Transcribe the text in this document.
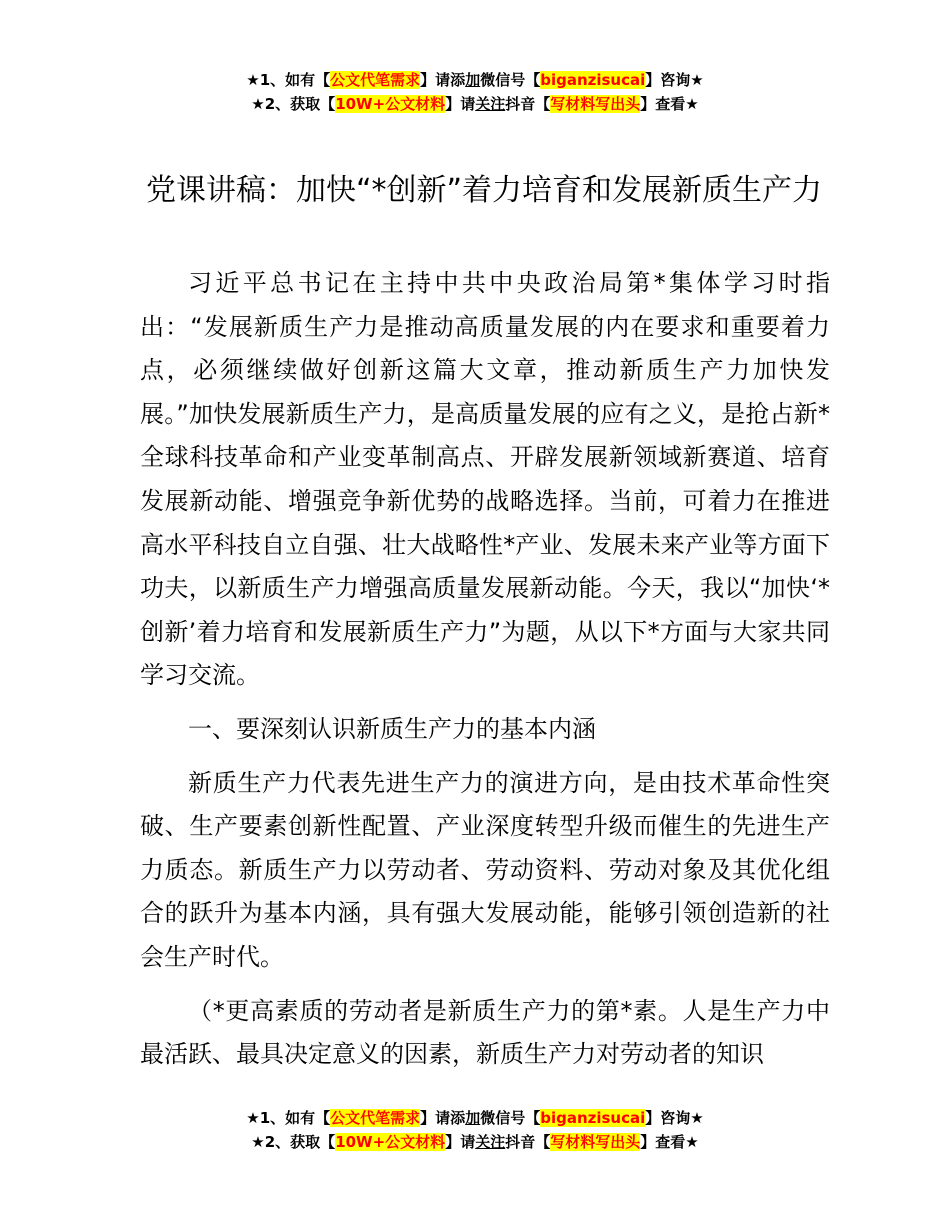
★1、如有【公文代笔需求】请添加微信号【biganzisucai】咨询★
★2、获取【10W+公文材料】请关注抖音【写材料写出头】查看★
党课讲稿：加快“*创新”着力培育和发展新质生产力

习近平总书记在主持中共中央政治局第*集体学习时指出：“发展新质生产力是推动高质量发展的内在要求和重要着力点，必须继续做好创新这篇大文章，推动新质生产力加快发展。”加快发展新质生产力，是高质量发展的应有之义，是抢占新*全球科技革命和产业变革制高点、开辟发展新领域新赛道、培育发展新动能、增强竞争新优势的战略选择。当前，可着力在推进高水平科技自立自强、壮大战略性*产业、发展未来产业等方面下功夫，以新质生产力增强高质量发展新动能。今天，我以“加快‘*创新’着力培育和发展新质生产力”为题，从以下*方面与大家共同学习交流。

一、要深刻认识新质生产力的基本内涵

新质生产力代表先进生产力的演进方向，是由技术革命性突破、生产要素创新性配置、产业深度转型升级而催生的先进生产力质态。新质生产力以劳动者、劳动资料、劳动对象及其优化组合的跃升为基本内涵，具有强大发展动能，能够引领创造新的社会生产时代。

（*更高素质的劳动者是新质生产力的第*素。人是生产力中最活跃、最具决定意义的因素，新质生产力对劳动者的知识

★1、如有【公文代笔需求】请添加微信号【biganzisucai】咨询★
★2、获取【10W+公文材料】请关注抖音【写材料写出头】查看★
